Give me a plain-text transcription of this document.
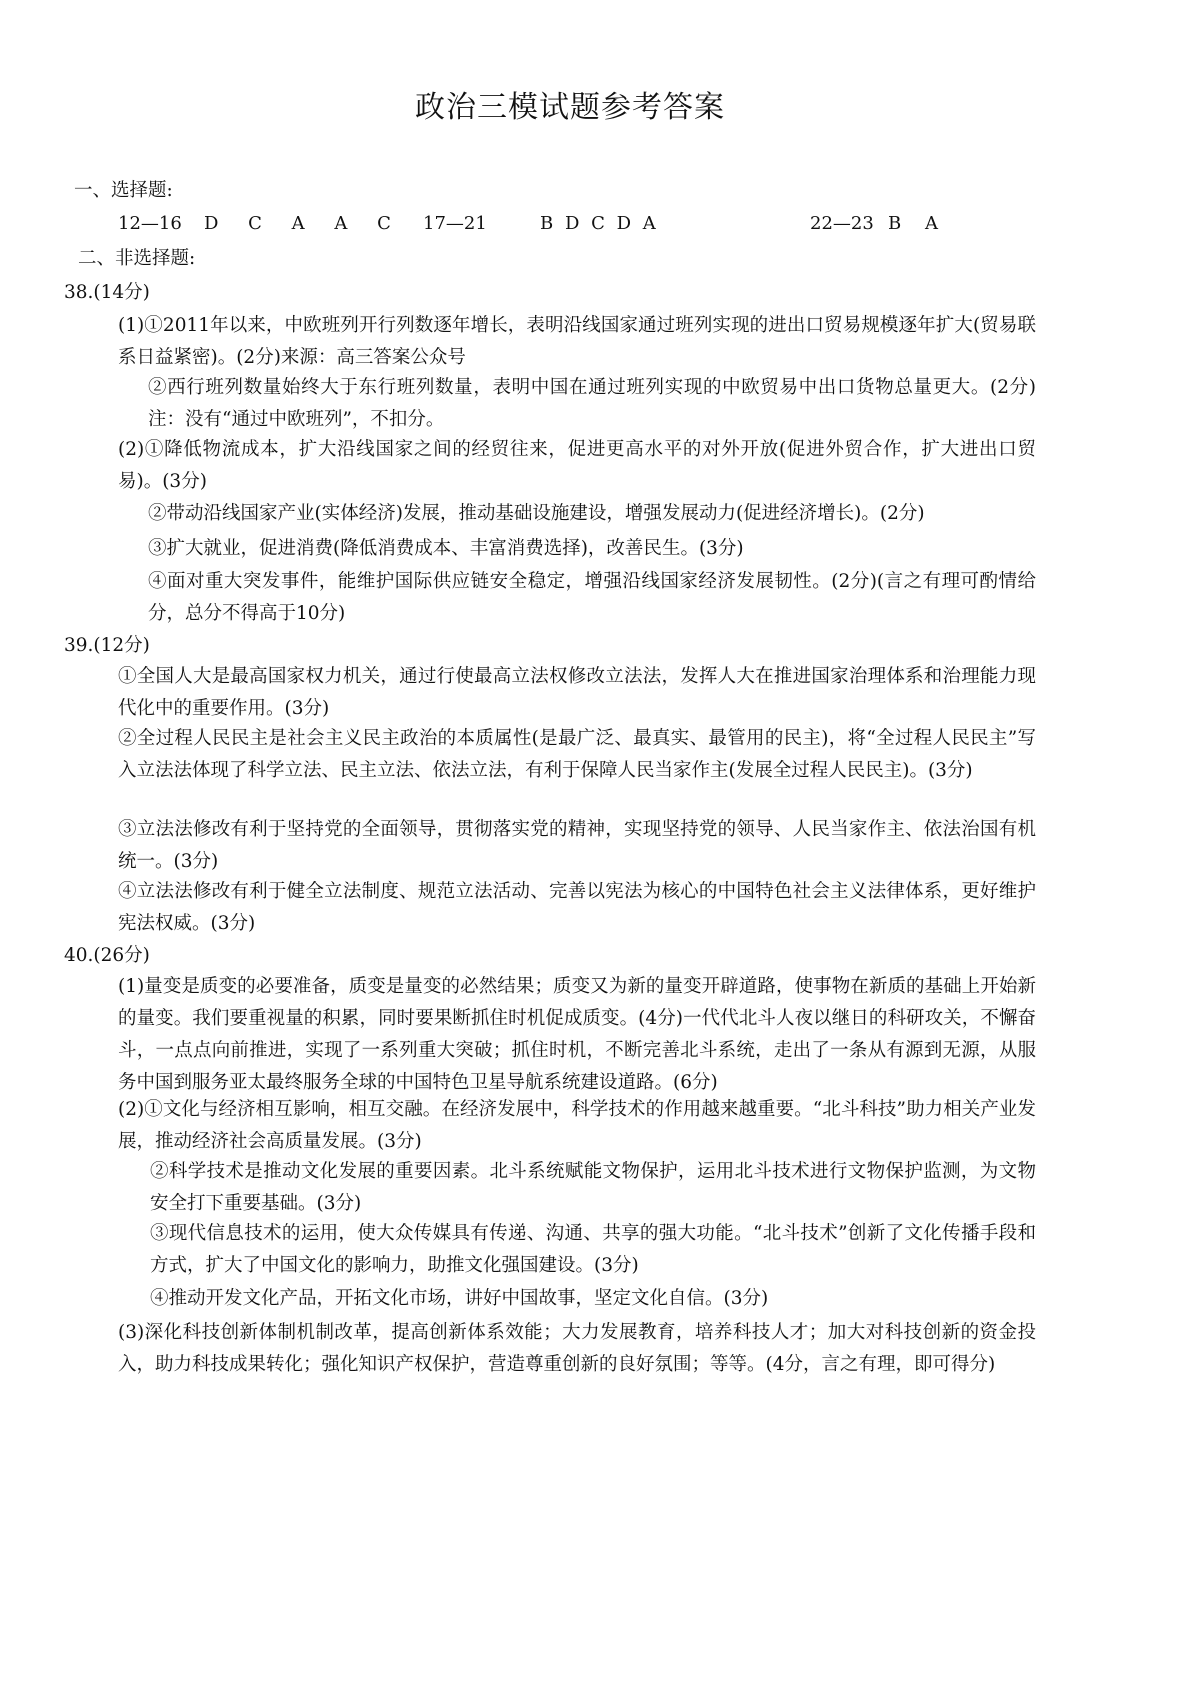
政治三模试题参考答案
一、选择题:
12—16 D　 C　 A　 A　 C 17—21	B D C D A	22—23 B　 A
二、非选择题:
38.(14分)
(1)①2011年以来，中欧班列开行列数逐年增长，表明沿线国家通过班列实现的进出口贸易规模逐年扩大(贸易联系日益紧密)。(2分)来源：高三答案公众号
②西行班列数量始终大于东行班列数量，表明中国在通过班列实现的中欧贸易中出口货物总量更大。(2分)注：没有“通过中欧班列”，不扣分。
(2)①降低物流成本，扩大沿线国家之间的经贸往来，促进更高水平的对外开放(促进外贸合作，扩大进出口贸易)。(3分)
②带动沿线国家产业(实体经济)发展，推动基础设施建设，增强发展动力(促进经济增长)。(2分)
③扩大就业，促进消费(降低消费成本、丰富消费选择)，改善民生。(3分)
④面对重大突发事件，能维护国际供应链安全稳定，增强沿线国家经济发展韧性。(2分)(言之有理可酌情给分，总分不得高于10分)
39.(12分)
①全国人大是最高国家权力机关，通过行使最高立法权修改立法法，发挥人大在推进国家治理体系和治理能力现代化中的重要作用。(3分)
②全过程人民民主是社会主义民主政治的本质属性(是最广泛、最真实、最管用的民主)，将“全过程人民民主”写入立法法体现了科学立法、民主立法、依法立法，有利于保障人民当家作主(发展全过程人民民主)。(3分)
③立法法修改有利于坚持党的全面领导，贯彻落实党的精神，实现坚持党的领导、人民当家作主、依法治国有机统一。(3分)
④立法法修改有利于健全立法制度、规范立法活动、完善以宪法为核心的中国特色社会主义法律体系，更好维护宪法权威。(3分)
40.(26分)
(1)量变是质变的必要准备，质变是量变的必然结果；质变又为新的量变开辟道路，使事物在新质的基础上开始新的量变。我们要重视量的积累，同时要果断抓住时机促成质变。(4分)一代代北斗人夜以继日的科研攻关，不懈奋斗，一点点向前推进，实现了一系列重大突破；抓住时机，不断完善北斗系统，走出了一条从有源到无源，从服务中国到服务亚太最终服务全球的中国特色卫星导航系统建设道路。(6分)
(2)①文化与经济相互影响，相互交融。在经济发展中，科学技术的作用越来越重要。“北斗科技”助力相关产业发展，推动经济社会高质量发展。(3分)
②科学技术是推动文化发展的重要因素。北斗系统赋能文物保护，运用北斗技术进行文物保护监测，为文物安全打下重要基础。(3分)
③现代信息技术的运用，使大众传媒具有传递、沟通、共享的强大功能。“北斗技术”创新了文化传播手段和方式，扩大了中国文化的影响力，助推文化强国建设。(3分)
④推动开发文化产品，开拓文化市场，讲好中国故事，坚定文化自信。(3分)
(3)深化科技创新体制机制改革，提高创新体系效能；大力发展教育，培养科技人才；加大对科技创新的资金投入，助力科技成果转化；强化知识产权保护，营造尊重创新的良好氛围；等等。(4分，言之有理，即可得分)
